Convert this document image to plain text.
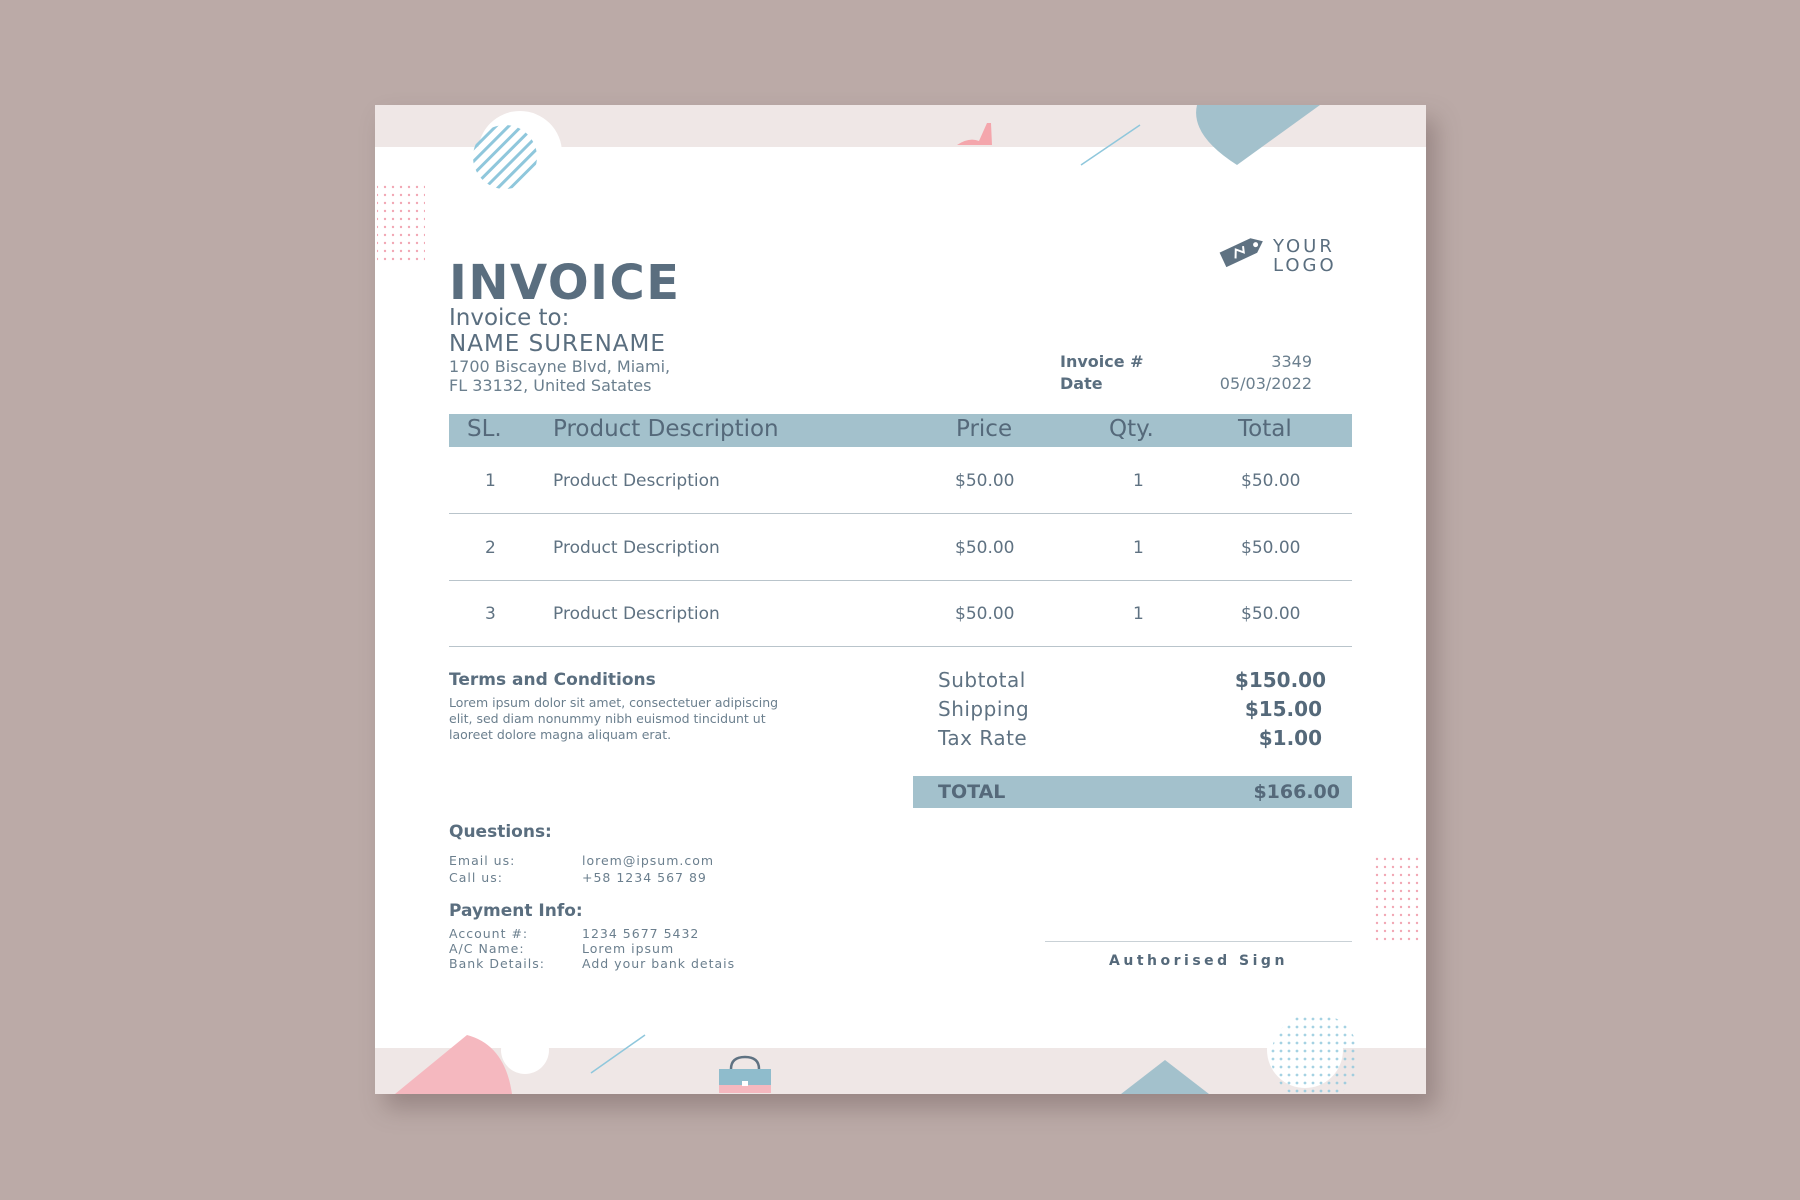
YOUR
LOGO
INVOICE
Invoice to:
NAME SURENAME
1700 Biscayne Blvd, Miami,
FL 33132, United Satates
Invoice #	3349
Date	05/03/2022
SL. Product Description	Price	Qty.	Total
1	Product Description	$50.00	1	$50.00
2	Product Description	$50.00	1	$50.00
3	Product Description	$50.00	1	$50.00
Terms and Conditions
Lorem ipsum dolor sit amet, consectetuer adipiscing elit, sed diam nonummy nibh euismod tincidunt ut laoreet dolore magna aliquam erat.
Subtotal	$150.00
Shipping	$15.00
Tax Rate	$1.00
TOTAL	$166.00
Questions:
Email us:	lorem@ipsum.com
Call us:	+58 1234 567 89
Payment Info:
Account #:	1234 5677 5432
A/C Name:	Lorem ipsum
Bank Details:	Add your bank detais	Authorised Sign
